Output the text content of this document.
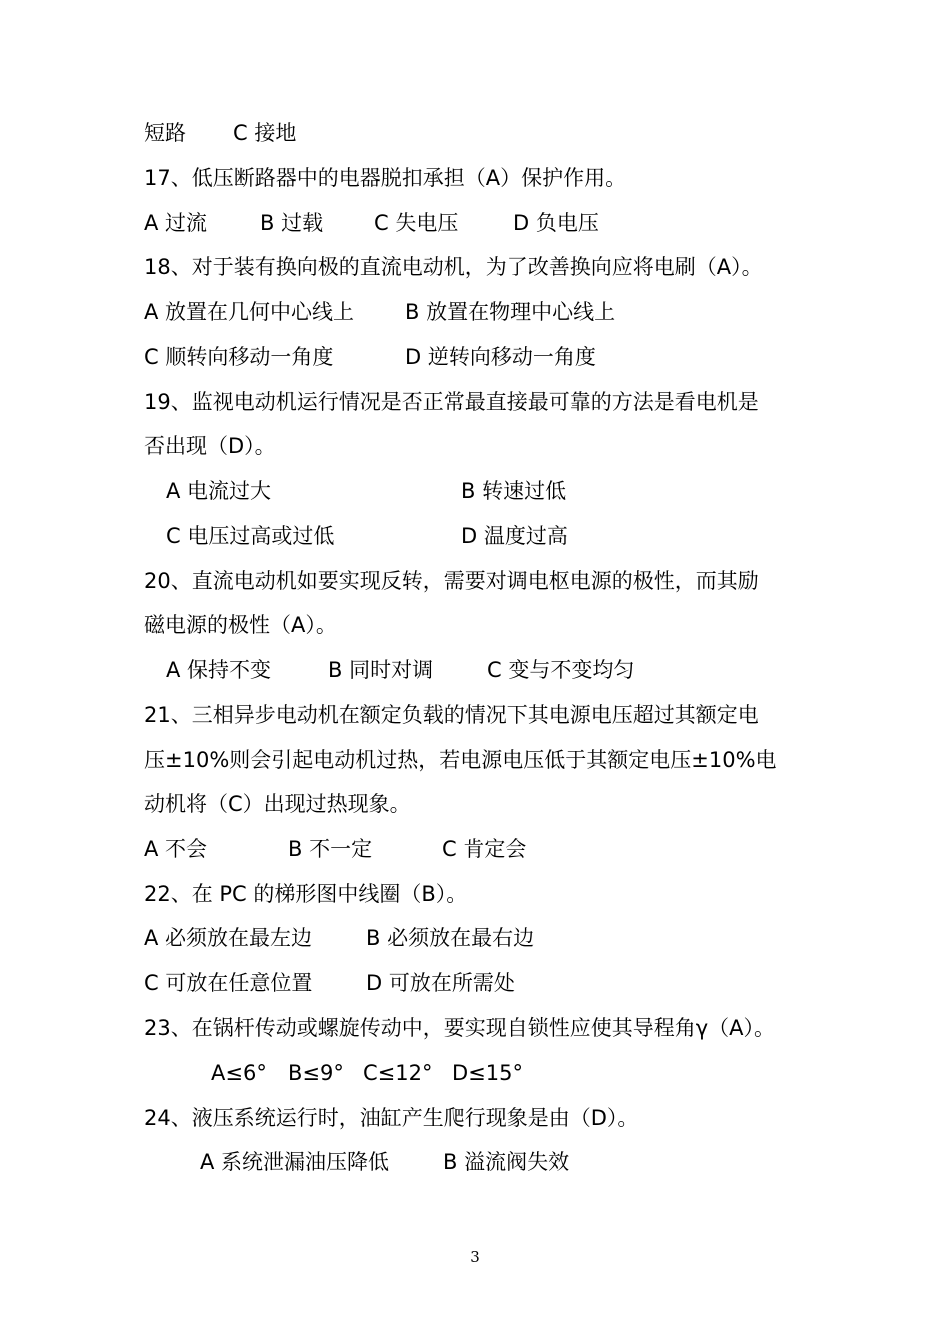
短路

C 接地

17、低压断路器中的电器脱扣承担（A）保护作用。

A 过流

	B 过载

C 失电压

	D 负电压

18、对于装有换向极的直流电动机，为了改善换向应将电刷（A）。

A 放置在几何中心线上

B 放置在物理中心线上

C 顺转向移动一角度

	D 逆转向移动一角度

19、监视电动机运行情况是否正常最直接最可靠的方法是看电机是

否出现（D）。

A 电流过大

	B 转速过低

C 电压过高或过低

	D 温度过高

20、直流电动机如要实现反转，需要对调电枢电源的极性，而其励

磁电源的极性（A）。

A 保持不变

	B 同时对调

	C 变与不变均匀

21、三相异步电动机在额定负载的情况下其电源电压超过其额定电

压±10%则会引起电动机过热，若电源电压低于其额定电压±10%电

动机将（C）出现过热现象。

A 不会

	B 不一定

	C 肯定会

22、在 PC 的梯形图中线圈（B）。

A 必须放在最左边

	B 必须放在最右边

C 可放在任意位置

	D 可放在所需处

23、在锅杆传动或螺旋传动中，要实现自锁性应使其导程角γ（A）。

A≤6°

B≤9°

C≤12°

D≤15°

24、液压系统运行时，油缸产生爬行现象是由（D）。

A 系统泄漏油压降低

	B 溢流阀失效

3
